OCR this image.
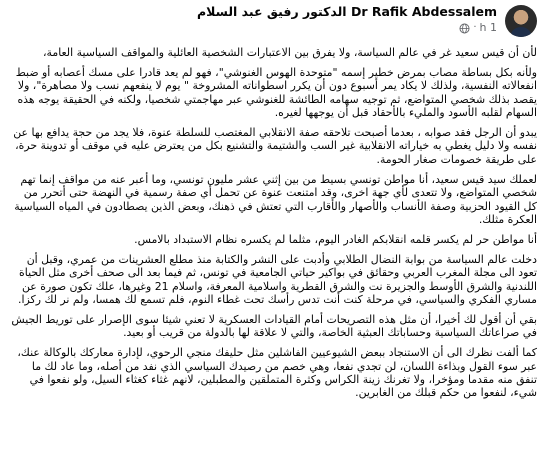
Dr Rafik Abdessalem الدكتور رفيق عبد السلام
1 h
·

لأن أن قيس سعيد غر في عالم السياسة، ولا يفرق بين الاعتبارات الشخصية العائلية والمواقف السياسية العامة،

ولأنه بكل بساطة مصاب بمرض خطير إسمه "متوحدة الهوس الغنوشي"، فهو لم يعد قادرا على مسك أعصابه أو ضبط انفعالاته النفسية، ولذلك لا يكاد يمر أسبوع دون أن يكرر اسطواناته المشروخة " يوم لا ينفعهم نسب ولا مصاهرة"، ولا يقصد بذلك شخصي المتواضع، ثم توجيه سهامه الطائشة للغنوشي عبر مهاجمتي شخصيا، ولكنه في الحقيقة يوجه هذه السهام لقلبه الأسود والمليء بالأحقاد قبل أن يوجهها لغيره.

يبدو أن الرجل فقد صوابه ، بعدما أصبحت تلاحقه صفة الانقلابي المغتصب للسلطة عنوة، فلا يجد من حجة يدافع بها عن نفسه ولا دليل يغطي به خياراته الانقلابية غير السب والشتيمة والتشنيع بكل من يعترض عليه في موقف أو تدوينة حرة، على طريقة خصومات صغار الحومة.

لعملك سيد قيس سعيد، أنا مواطن تونسي بسيط من بين إثني عشر مليون تونسي، وما أعبر عنه من مواقف إنما تهم شخصي المتواضع، ولا تتعدى لأي جهة اخرى، وقد امتنعت عنوة عن تحمل أي صفة رسمية في النهضة حتى أتحرر من كل القيود الحزبية وصفة الأنساب والأصهار والأقارب التي تعتش في ذهنك، وبعض الذين يصطادون في المياه السياسية العكرة مثلك.

أنا مواطن حر لم يكسر قلمه انقلابكم الغادر اليوم، مثلما لم يكسره نظام الاستبداد بالامس.

دخلت عالم السياسة من بوابة النضال الطلابي وأدبت على النشر والكتابة منذ مطلع العشرينات من عمري، وقبل أن تعود الى مجلة المغرب العربي وحقائق في بواكير حياتي الجامعية في تونس، ثم فيما بعد الى صحف أخرى مثل الحياة اللندنية والشرق الأوسط والجزيرة نت والشرق القطرية واسلامية المعرفة، واسلام 21 وغيرها، علك تكون صورة عن مساري الفكري والسياسي، في مرحلة كنت أنت تدس رأسك تحت غطاء النوم، فلم تسمع لك همسا، ولم نر لك ركزا.

بقي أن أقول لك أخيرا، أن مثل هذه التصريحات أمام القيادات العسكرية لا تعني شيئا سوى الإصرار على توريط الجيش في صراعاتك السياسية وحساباتك العبثية الخاصة، والتي لا علاقة لها بالدولة من قريب أو بعيد.

كما ألفت نظرك الى أن الاستنجاد ببعض الشيوعيين الفاشلين مثل حليفك منجي الرحوي، لإدارة معاركك بالوكالة عنك، عبر سوء القول وبذاءة اللسان، لن تجدي نفعا، وهي خصم من رصيدك السياسي الذي نفد من أصله، وما عاد لك ما تنفق منه مقدما ومؤخرا، ولا تغرنك زينة الكراس وكثرة المتملقين والمطبلين، لانهم غثاء كغثاء السيل، ولو نفعوا في شيء، لنفعوا من حكم قبلك من الغابرين.
